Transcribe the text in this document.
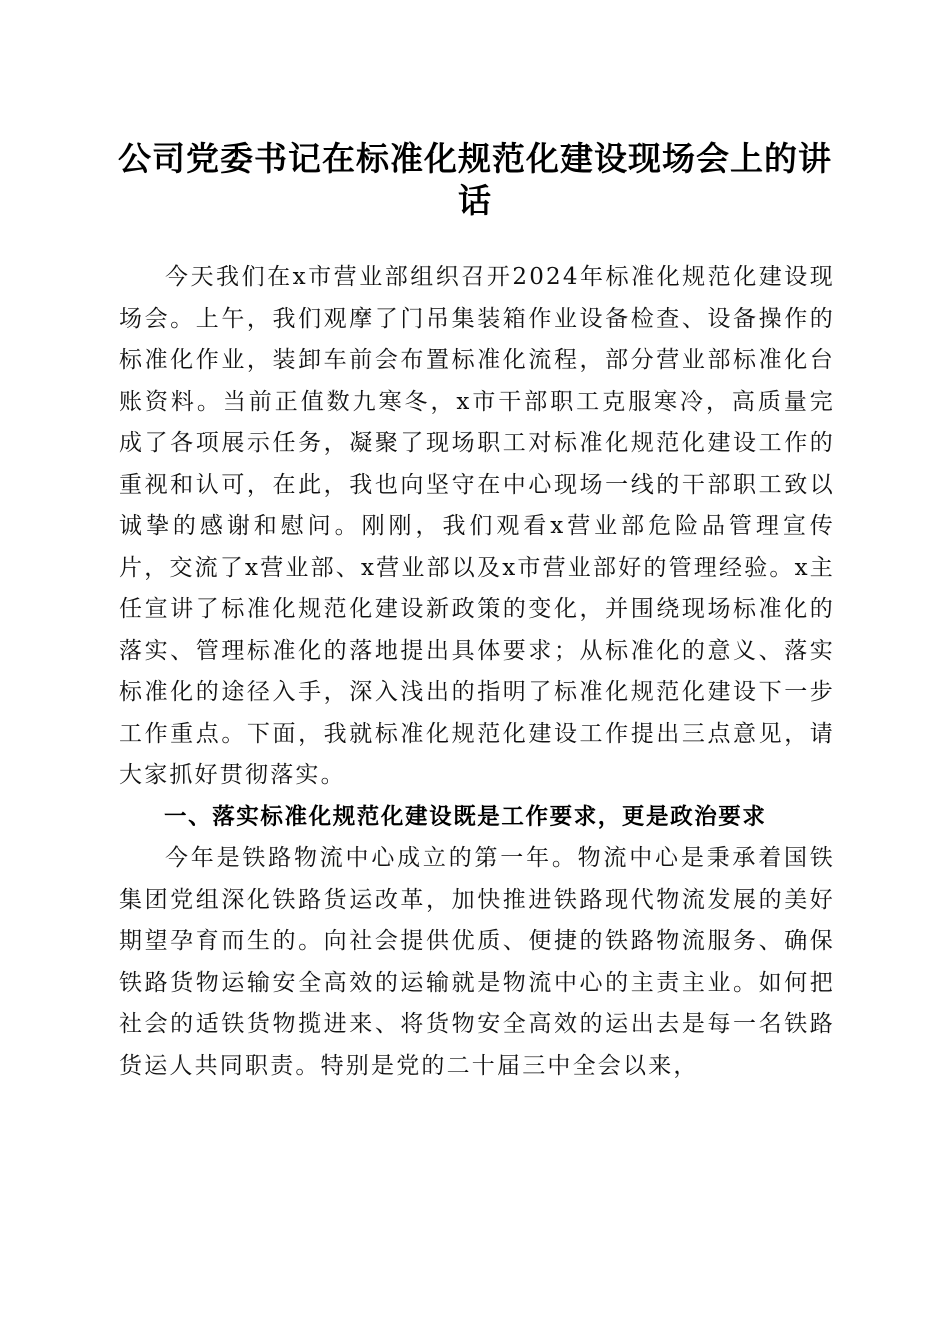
公司党委书记在标准化规范化建设现场会上的讲话

今天我们在x市营业部组织召开2024年标准化规范化建设现场会。上午，我们观摩了门吊集装箱作业设备检查、设备操作的标准化作业，装卸车前会布置标准化流程，部分营业部标准化台账资料。当前正值数九寒冬，x市干部职工克服寒冷，高质量完成了各项展示任务，凝聚了现场职工对标准化规范化建设工作的重视和认可，在此，我也向坚守在中心现场一线的干部职工致以诚挚的感谢和慰问。刚刚，我们观看x营业部危险品管理宣传片，交流了x营业部、x营业部以及x市营业部好的管理经验。x主任宣讲了标准化规范化建设新政策的变化，并围绕现场标准化的落实、管理标准化的落地提出具体要求；从标准化的意义、落实标准化的途径入手，深入浅出的指明了标准化规范化建设下一步工作重点。下面，我就标准化规范化建设工作提出三点意见，请大家抓好贯彻落实。

一、落实标准化规范化建设既是工作要求，更是政治要求

今年是铁路物流中心成立的第一年。物流中心是秉承着国铁集团党组深化铁路货运改革，加快推进铁路现代物流发展的美好期望孕育而生的。向社会提供优质、便捷的铁路物流服务、确保铁路货物运输安全高效的运输就是物流中心的主责主业。如何把社会的适铁货物揽进来、将货物安全高效的运出去是每一名铁路货运人共同职责。特别是党的二十届三中全会以来，
